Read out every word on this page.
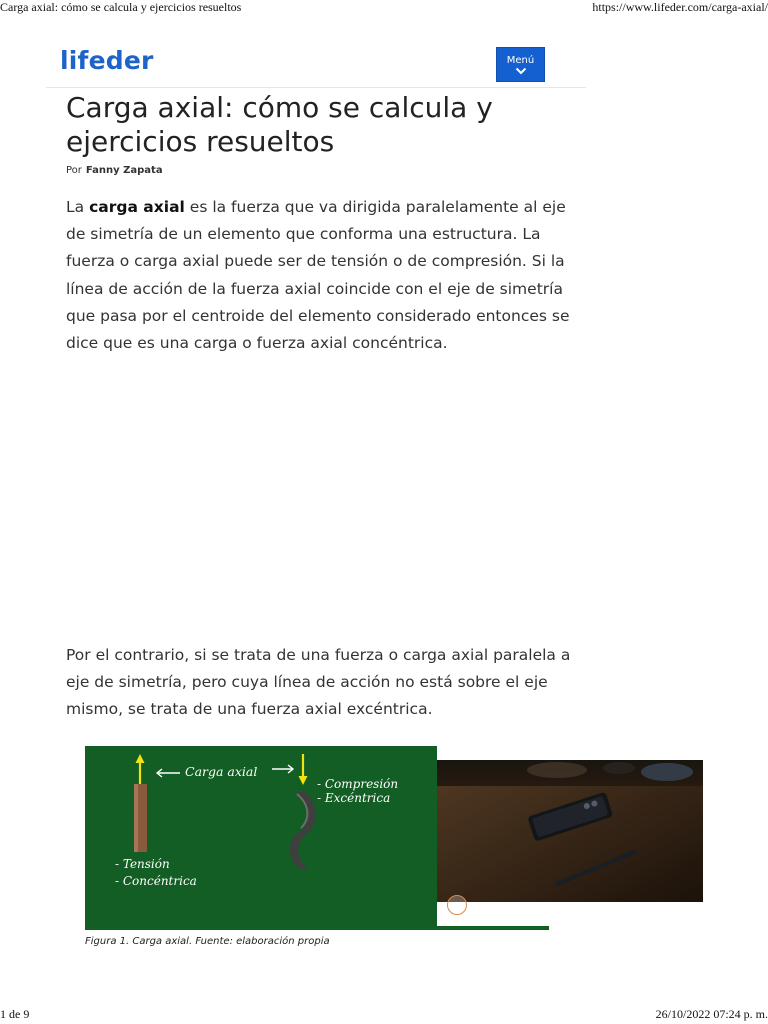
Carga axial: cómo se calcula y ejercicios resueltos	https://www.lifeder.com/carga-axial/
lifeder	Menú
Carga axial: cómo se calcula y ejercicios resueltos
Por Fanny Zapata

La carga axial es la fuerza que va dirigida paralelamente al eje de simetría de un elemento que conforma una estructura. La fuerza o carga axial puede ser de tensión o de compresión. Si la línea de acción de la fuerza axial coincide con el eje de simetría que pasa por el centroide del elemento considerado entonces se dice que es una carga o fuerza axial concéntrica.

Por el contrario, si se trata de una fuerza o carga axial paralela a eje de simetría, pero cuya línea de acción no está sobre el eje mismo, se trata de una fuerza axial excéntrica.

Carga axial
- Compresión
- Excéntrica
- Tensión
- Concéntrica
Figura 1. Carga axial. Fuente: elaboración propia
1 de 9	26/10/2022 07:24 p. m.
